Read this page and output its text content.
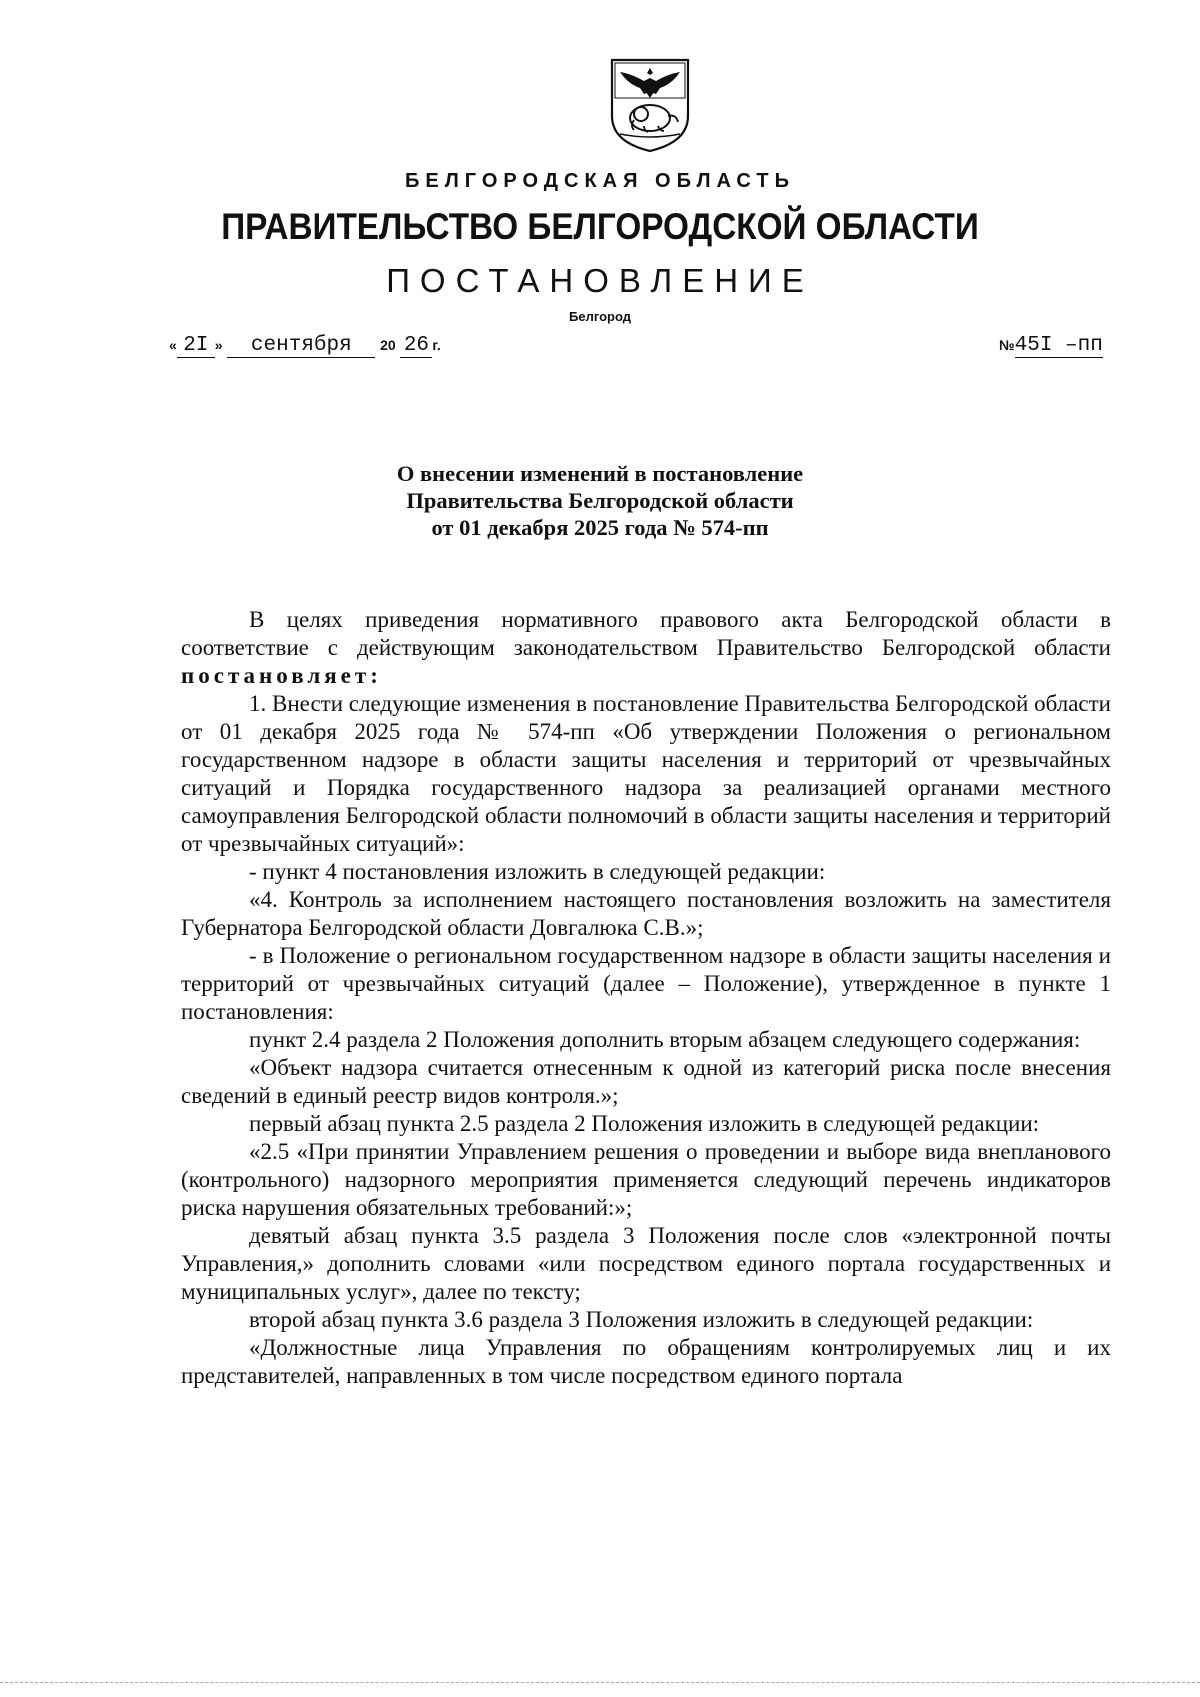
БЕЛГОРОДСКАЯ ОБЛАСТЬ
ПРАВИТЕЛЬСТВО БЕЛГОРОДСКОЙ ОБЛАСТИ
ПОСТАНОВЛЕНИЕ
Белгород
« 2I » сентября 20 26 г.	№45I –пп
О внесении изменений в постановление
Правительства Белгородской области
от 01 декабря 2025 года № 574-пп

В целях приведения нормативного правового акта Белгородской области в соответствие с действующим законодательством Правительство Белгородской области постановляет:

1. Внести следующие изменения в постановление Правительства Белгородской области от 01 декабря 2025 года № 574-пп «Об утверждении Положения о региональном государственном надзоре в области защиты населения и территорий от чрезвычайных ситуаций и Порядка государственного надзора за реализацией органами местного самоуправления Белгородской области полномочий в области защиты населения и территорий от чрезвычайных ситуаций»:

- пункт 4 постановления изложить в следующей редакции:

«4. Контроль за исполнением настоящего постановления возложить на заместителя Губернатора Белгородской области Довгалюка С.В.»;

- в Положение о региональном государственном надзоре в области защиты населения и территорий от чрезвычайных ситуаций (далее – Положение), утвержденное в пункте 1 постановления:

пункт 2.4 раздела 2 Положения дополнить вторым абзацем следующего содержания:

«Объект надзора считается отнесенным к одной из категорий риска после внесения сведений в единый реестр видов контроля.»;

первый абзац пункта 2.5 раздела 2 Положения изложить в следующей редакции:

«2.5 «При принятии Управлением решения о проведении и выборе вида внепланового (контрольного) надзорного мероприятия применяется следующий перечень индикаторов риска нарушения обязательных требований:»;

девятый абзац пункта 3.5 раздела 3 Положения после слов «электронной почты Управления,» дополнить словами «или посредством единого портала государственных и муниципальных услуг», далее по тексту;

второй абзац пункта 3.6 раздела 3 Положения изложить в следующей редакции:

«Должностные лица Управления по обращениям контролируемых лиц и их представителей, направленных в том числе посредством единого портала
